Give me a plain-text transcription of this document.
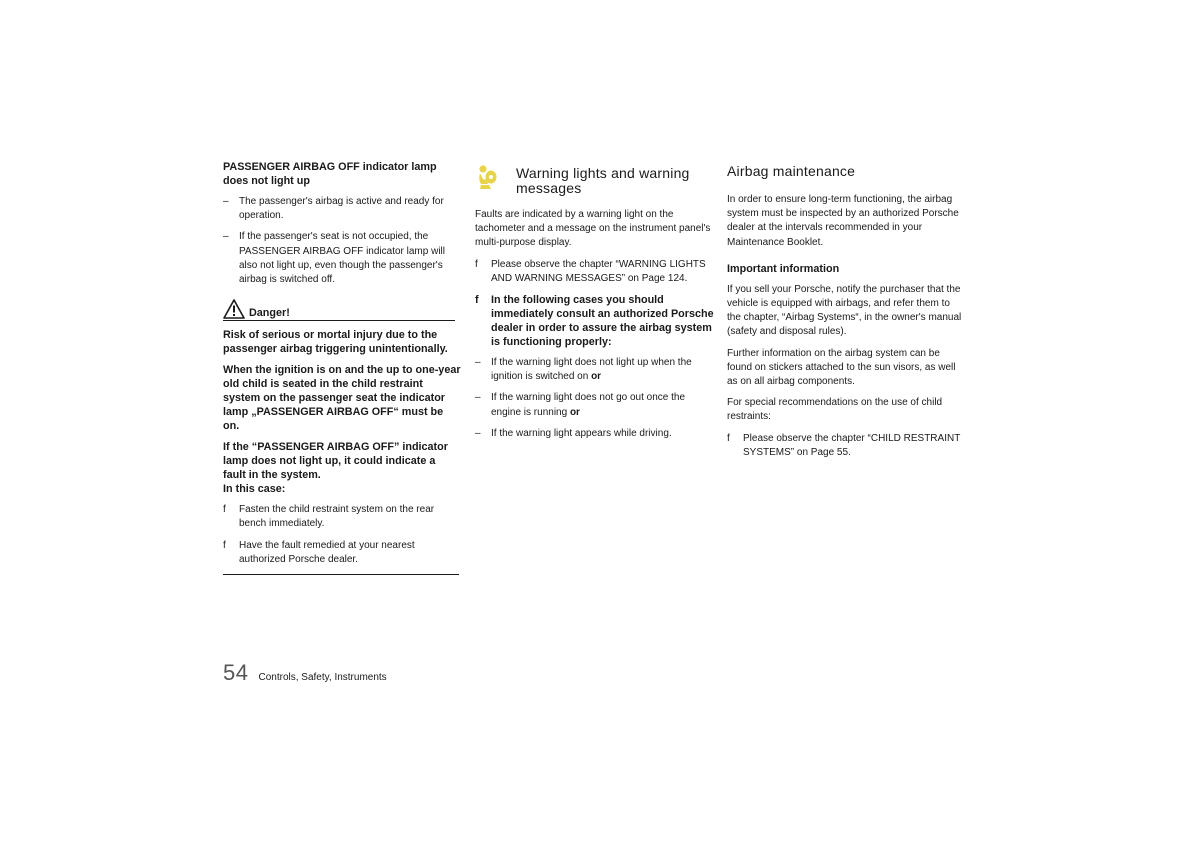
PASSENGER AIRBAG OFF indicator lamp does not light up

– The passenger's airbag is active and ready for operation.
– If the passenger's seat is not occupied, the PASSENGER AIRBAG OFF indicator lamp will also not light up, even though the passenger's airbag is switched off.
Danger!

Risk of serious or mortal injury due to the passenger airbag triggering unintentionally.

When the ignition is on and the up to one-year old child is seated in the child restraint system on the passenger seat the indicator lamp „PASSENGER AIRBAG OFF“ must be on.

If the “PASSENGER AIRBAG OFF” indicator lamp does not light up, it could indicate a fault in the system.

In this case:

f Fasten the child restraint system on the rear bench immediately.
f Have the fault remedied at your nearest authorized Porsche dealer.
Warning lights and warning messages

Faults are indicated by a warning light on the tachometer and a message on the instrument panel's multi-purpose display.

f Please observe the chapter “WARNING LIGHTS AND WARNING MESSAGES” on Page 124.
f In the following cases you should immediately consult an authorized Porsche dealer in order to assure the airbag system is functioning properly:
– If the warning light does not light up when the ignition is switched on or
– If the warning light does not go out once the engine is running or
– If the warning light appears while driving.
Airbag maintenance

In order to ensure long-term functioning, the airbag system must be inspected by an authorized Porsche dealer at the intervals recommended in your Maintenance Booklet.

Important information

If you sell your Porsche, notify the purchaser that the vehicle is equipped with airbags, and refer them to the chapter, “Airbag Systems“, in the owner's manual (safety and disposal rules).

Further information on the airbag system can be found on stickers attached to the sun visors, as well as on all airbag components.

For special recommendations on the use of child restraints:

f Please observe the chapter “CHILD RESTRAINT SYSTEMS” on Page 55.
54 Controls, Safety, Instruments
